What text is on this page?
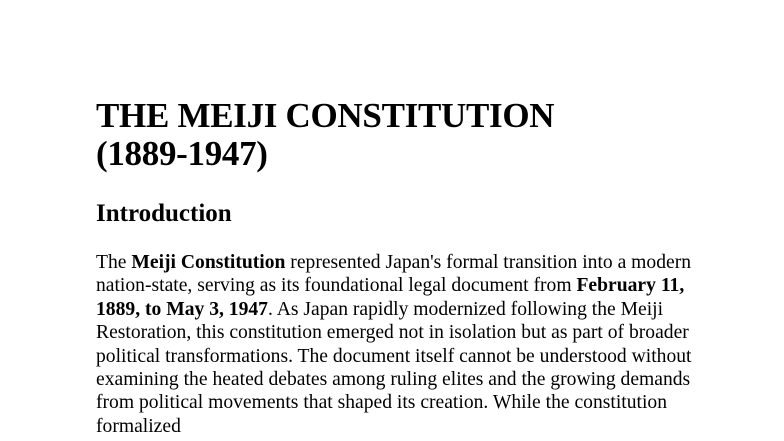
THE MEIJI CONSTITUTION
(1889-1947)
Introduction

The Meiji Constitution represented Japan's formal transition into a modern nation-state, serving as its foundational legal document from February 11, 1889, to May 3, 1947. As Japan rapidly modernized following the Meiji Restoration, this constitution emerged not in isolation but as part of broader political transformations. The document itself cannot be understood without examining the heated debates among ruling elites and the growing demands from political movements that shaped its creation. While the constitution formalized
